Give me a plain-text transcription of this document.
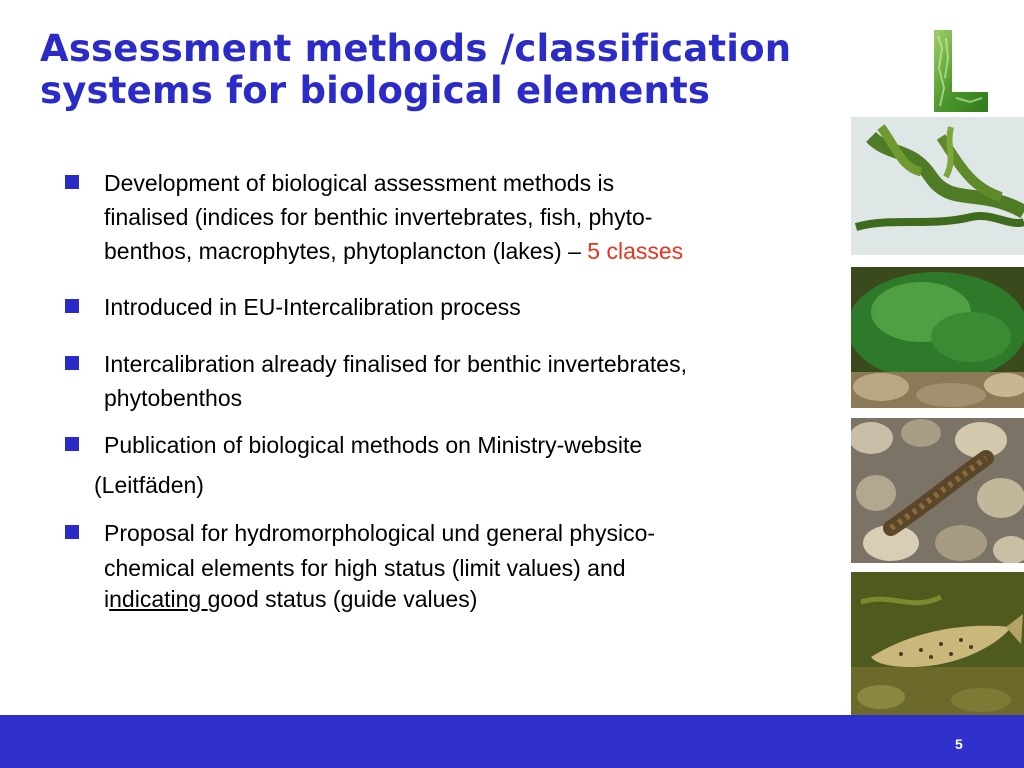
Assessment methods /classification
systems for biological elements
Development of biological assessment methods is
finalised (indices for benthic invertebrates, fish, phyto-
benthos, macrophytes, phytoplancton (lakes) – 5 classes
Introduced in EU-Intercalibration process
Intercalibration already finalised for benthic invertebrates,
phytobenthos
Publication of biological methods on Ministry-website
(Leitfäden)
Proposal for hydromorphological und general physico-
chemical elements for high status (limit values) and
indicating good status (guide values)
5
